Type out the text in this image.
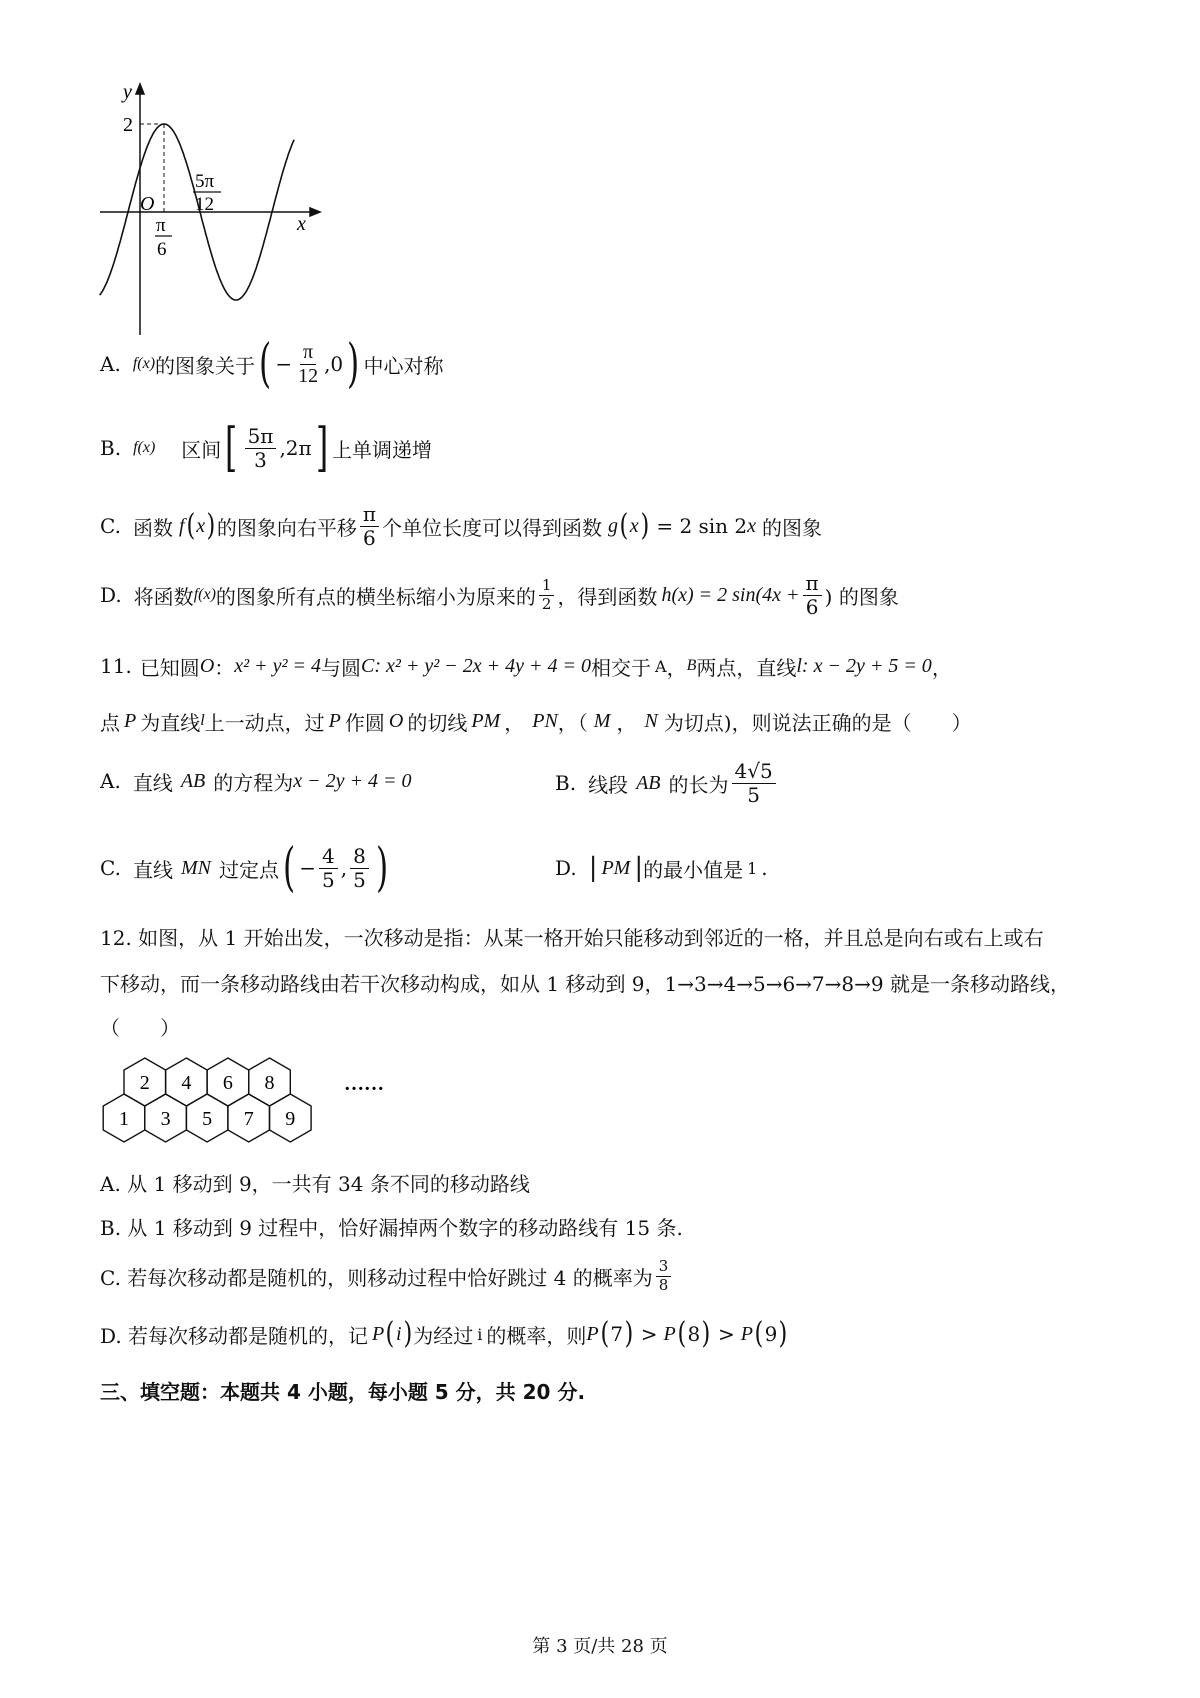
y
x
O
2
π
6
5π
12
A. f(x) 的图象关于 ( − $\frac{\pi}{12} ,0$ ) 中心对称
B. f(x) 区间 [ $\frac{5\pi}{3} ,2\pi$ ] 上单调递增
C. 函数 f ( x ) 的图象向右平移 $\frac{\pi}{6}$ 个单位长度可以得到函数 g ( x ) = 2 sin 2 x 的图象
D. 将函数 f(x) 的图象所有点的横坐标缩小为原来的 $\frac{1}{2}$ ，得到函数 h(x) = 2 $\sin(4x + \frac{\pi}{6}$ ) 的图象
11. 已知圆 O ： x² + y² = 4 与圆 C : x² + y² − 2x + 4y + 4 = 0 相交于 A ， B 两点，直线 l : x − 2y + 5 = 0 ，
点 P 为直线 l 上一动点，过 P 作圆 O 的切线 PM ， PN ，（ M ， N 为切点)，则说法正确的是（　　）
A. 直线 AB 的方程为 x − 2y + 4 = 0	B. 线段 AB 的长为 $\frac{4√5}{5}$
C. 直线 MN 过定点 ( − $\frac{4}{5}$ , $\frac{8}{5}$ )	D. | PM | 的最小值是 1 .
12. 如图，从 1 开始出发，一次移动是指：从某一格开始只能移动到邻近的一格，并且总是向右或右上或右
下移动，而一条移动路线由若干次移动构成，如从 1 移动到 9，1→3→4→5→6→7→8→9 就是一条移动路线，
（　　）
1 3 5 7 9
2 4 6 8	……
A. 从 1 移动到 9，一共有 34 条不同的移动路线
B. 从 1 移动到 9 过程中，恰好漏掉两个数字的移动路线有 15 条.
C. 若每次移动都是随机的，则移动过程中恰好跳过 4 的概率为 $\frac{3}{8}$
D. 若每次移动都是随机的，记 P ( i ) 为经过 i 的概率，则 P ( 7 ) > P ( 8 ) > P ( 9 )
三、填空题：本题共 4 小题，每小题 5 分，共 20 分.
第 3 页/共 28 页
